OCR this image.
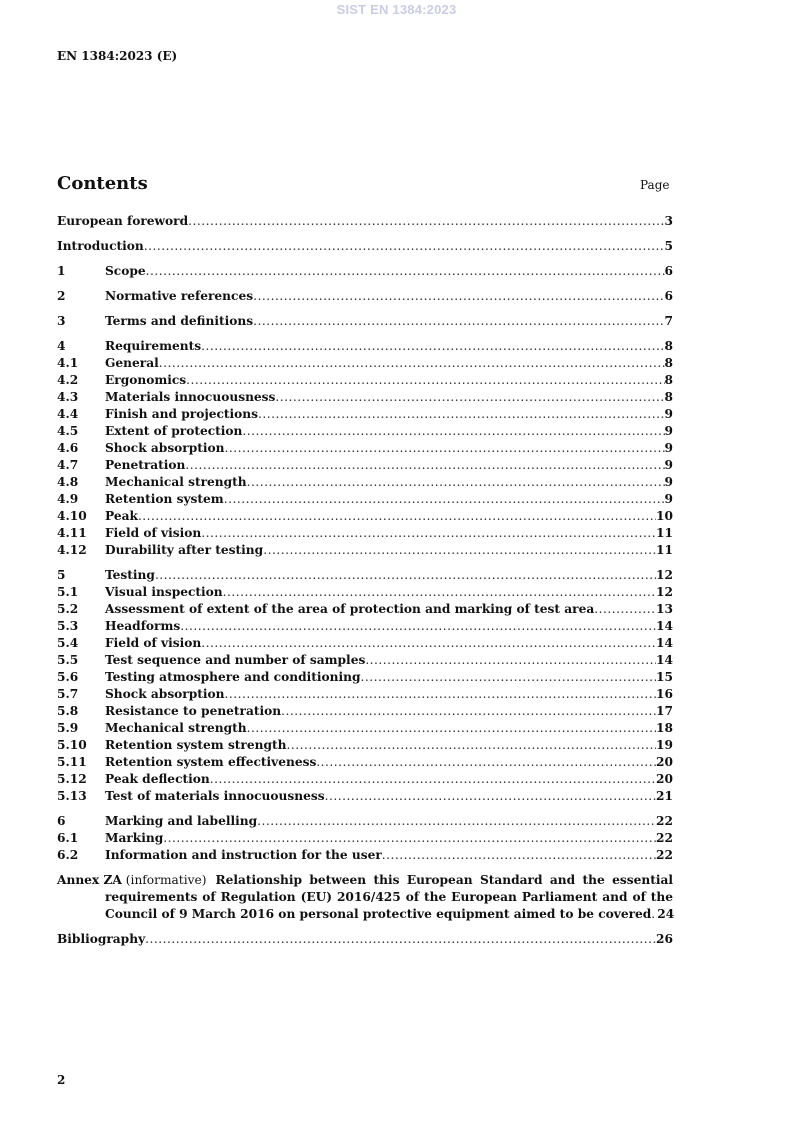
SIST EN 1384:2023
EN 1384:2023 (E)
Contents	Page
European foreword .....	3
Introduction .....	5
1	Scope .....	6
2	Normative references .....	6
3	Terms and definitions .....	7
4	Requirements .....	8
4.1	General .....	8
4.2	Ergonomics .....	8
4.3	Materials innocuousness .....	8
4.4	Finish and projections .....	9
4.5	Extent of protection .....	9
4.6	Shock absorption .....	9
4.7	Penetration .....	9
4.8	Mechanical strength .....	9
4.9	Retention system .....	9
4.10	Peak .....	10
4.11	Field of vision .....	11
4.12	Durability after testing .....	11
5	Testing .....	12
5.1	Visual inspection .....	12
5.2	Assessment of extent of the area of protection and marking of test area .....	13
5.3	Headforms .....	14
5.4	Field of vision .....	14
5.5	Test sequence and number of samples .....	14
5.6	Testing atmosphere and conditioning .....	15
5.7	Shock absorption .....	16
5.8	Resistance to penetration .....	17
5.9	Mechanical strength .....	18
5.10	Retention system strength .....	19
5.11	Retention system effectiveness .....	20
5.12	Peak deflection .....	20
5.13	Test of materials innocuousness .....	21
6	Marking and labelling .....	22
6.1	Marking .....	22
6.2	Information and instruction for the user .....	22
Annex ZA (informative) Relationship between this European Standard and the essential
requirements of Regulation (EU) 2016/425 of the European Parliament and of the
Council of 9 March 2016 on personal protective equipment aimed to be covered ..... 24
Bibliography .....	26
2
